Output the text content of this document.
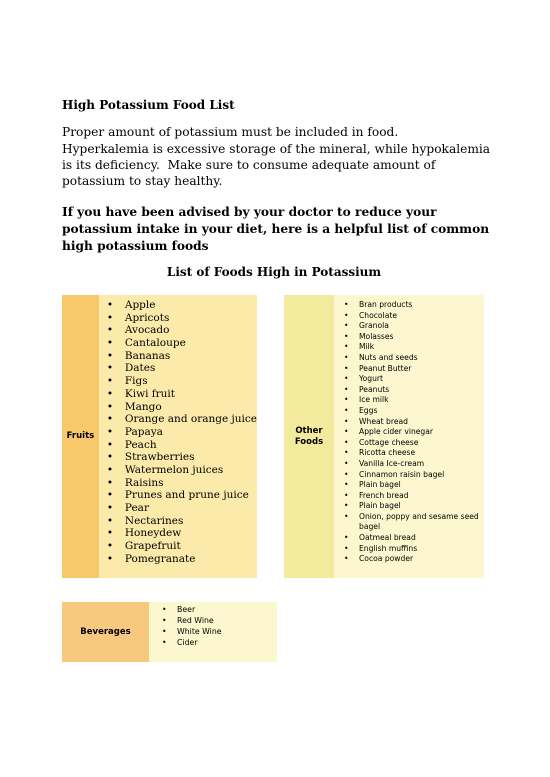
High Potassium Food List
Proper amount of potassium must be included in food.
Hyperkalemia is excessive storage of the mineral, while hypokalemia is its deficiency. Make sure to consume adequate amount of potassium to stay healthy.
If you have been advised by your doctor to reduce your potassium intake in your diet, here is a helpful list of common high potassium foods
List of Foods High in Potassium
Fruits
• Apple
• Apricots
• Avocado
• Cantaloupe
• Bananas
• Dates
• Figs
• Kiwi fruit
• Mango
• Orange and orange juice
• Papaya
• Peach
• Strawberries
• Watermelon juices
• Raisins
• Prunes and prune juice
• Pear
• Nectarines
• Honeydew
• Grapefruit
• Pomegranate
Other
Foods
•	Bran products
•	Chocolate
•	Granola
•	Molasses
•	Milk
•	Nuts and seeds
•	Peanut Butter
•	Yogurt
•	Peanuts
•	Ice milk
•	Eggs
•	Wheat bread
•	Apple cider vinegar
•	Cottage cheese
•	Ricotta cheese
•	Vanilla Ice-cream
•	Cinnamon raisin bagel
•	Plain bagel
•	French bread
•	Plain bagel
•	Onion, poppy and sesame seed bagel
•	Oatmeal bread
•	English muffins
•	Cocoa powder
Beverages
• Beer
• Red Wine
• White Wine
• Cider
